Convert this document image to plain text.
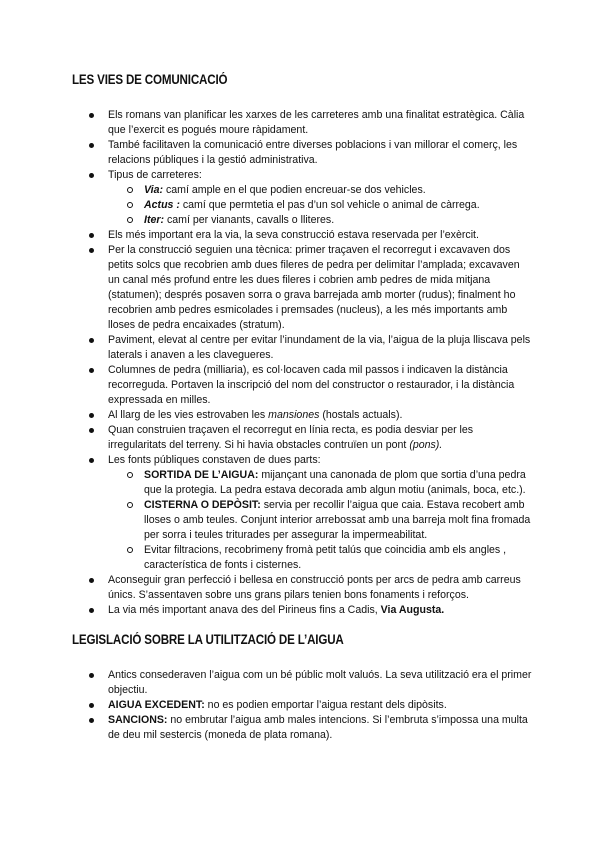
LES VIES DE COMUNICACIÓ
Els romans van planificar les xarxes de les carreteres amb una finalitat estratègica. Càlia que l’exercit es pogués moure ràpidament.
També facilitaven la comunicació entre diverses poblacions i van millorar el comerç, les relacions públiques i la gestió administrativa.
Tipus de carreteres:
Via: camí ample en el que podien encreuar-se dos vehicles.
Actus : camí que permtetia el pas d’un sol vehicle o animal de càrrega.
Iter: camí per vianants, cavalls o lliteres.
Els més important era la via, la seva construcció estava reservada per l’exèrcit.
Per la construcció seguien una tècnica: primer traçaven el recorregut i excavaven dos petits solcs que recobrien amb dues fileres de pedra per delimitar l’amplada; excavaven un canal més profund entre les dues fileres i cobrien amb pedres de mida mitjana (statumen); després posaven sorra o grava barrejada amb morter (rudus); finalment ho recobrien amb pedres esmicolades i premsades (nucleus), a les més importants amb lloses de pedra encaixades (stratum).
Paviment, elevat al centre per evitar l’inundament de la via, l’aigua de la pluja lliscava pels laterals i anaven a les clavegueres.
Columnes de pedra (milliaria), es col·locaven cada mil passos i indicaven la distància recorreguda. Portaven la inscripció del nom del constructor o restaurador, i la distància expressada en milles.
Al llarg de les vies estrovaben les mansiones (hostals actuals).
Quan construien traçaven el recorregut en línia recta, es podia desviar per les irregularitats del terreny. Si hi havia obstacles contruïen un pont (pons).
Les fonts públiques constaven de dues parts:
SORTIDA DE L’AIGUA: mijançant una canonada de plom que sortia d’una pedra que la protegia. La pedra estava decorada amb algun motiu (animals, boca, etc.).
CISTERNA O DEPÒSIT: servia per recollir l’aigua que caia. Estava recobert amb lloses o amb teules. Conjunt interior arrebossat amb una barreja molt fina fromada per sorra i teules triturades per assegurar la impermeabilitat.
Evitar filtracions, recobrimeny fromà petit talús que coincidia amb els angles , característica de fonts i cisternes.
Aconseguir gran perfecció i bellesa en construcció ponts per arcs de pedra amb carreus únics. S’assentaven sobre uns grans pilars tenien bons fonaments i reforços.
La via més important anava des del Pirineus fins a Cadis, Via Augusta.
LEGISLACIÓ SOBRE LA UTILITZACIÓ DE L’AIGUA
Antics consederaven l’aigua com un bé públic molt valuós. La seva utilització era el primer objectiu.
AIGUA EXCEDENT: no es podien emportar l’aigua restant dels dipòsits.
SANCIONS: no embrutar l’aigua amb males intencions. Si l’embruta s’impossa una multa de deu mil sestercis (moneda de plata romana).
